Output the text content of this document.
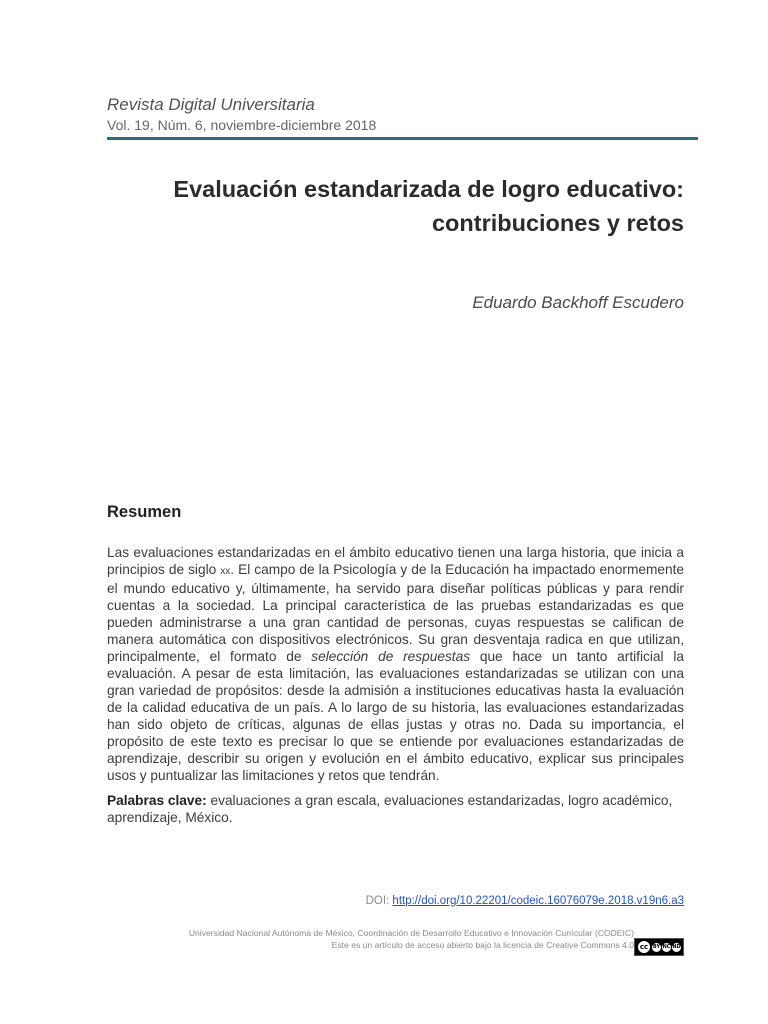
Revista Digital Universitaria
Vol. 19, Núm. 6, noviembre-diciembre 2018
Evaluación estandarizada de logro educativo:
contribuciones y retos
Eduardo Backhoff Escudero
Resumen

Las evaluaciones estandarizadas en el ámbito educativo tienen una larga historia, que inicia a principios de siglo xx. El campo de la Psicología y de la Educación ha impactado enormemente el mundo educativo y, últimamente, ha servido para diseñar políticas públicas y para rendir cuentas a la sociedad. La principal característica de las pruebas estandarizadas es que pueden administrarse a una gran cantidad de personas, cuyas respuestas se califican de manera automática con dispositivos electrónicos. Su gran desventaja radica en que utilizan, principalmente, el formato de selección de respuestas que hace un tanto artificial la evaluación. A pesar de esta limitación, las evaluaciones estandarizadas se utilizan con una gran variedad de propósitos: desde la admisión a instituciones educativas hasta la evaluación de la calidad educativa de un país. A lo largo de su historia, las evaluaciones estandarizadas han sido objeto de críticas, algunas de ellas justas y otras no. Dada su importancia, el propósito de este texto es precisar lo que se entiende por evaluaciones estandarizadas de aprendizaje, describir su origen y evolución en el ámbito educativo, explicar sus principales usos y puntualizar las limitaciones y retos que tendrán.

Palabras clave: evaluaciones a gran escala, evaluaciones estandarizadas, logro académico, aprendizaje, México.
DOI: http://doi.org/10.22201/codeic.16076079e.2018.v19n6.a3
Universidad Nacional Autónoma de México, Coordinación de Desarrollo Educativo e Innovación Curricular (CODEIC)
Este es un artículo de acceso abierto bajo la licencia de Creative Commons 4.0 cc BY NC ND
